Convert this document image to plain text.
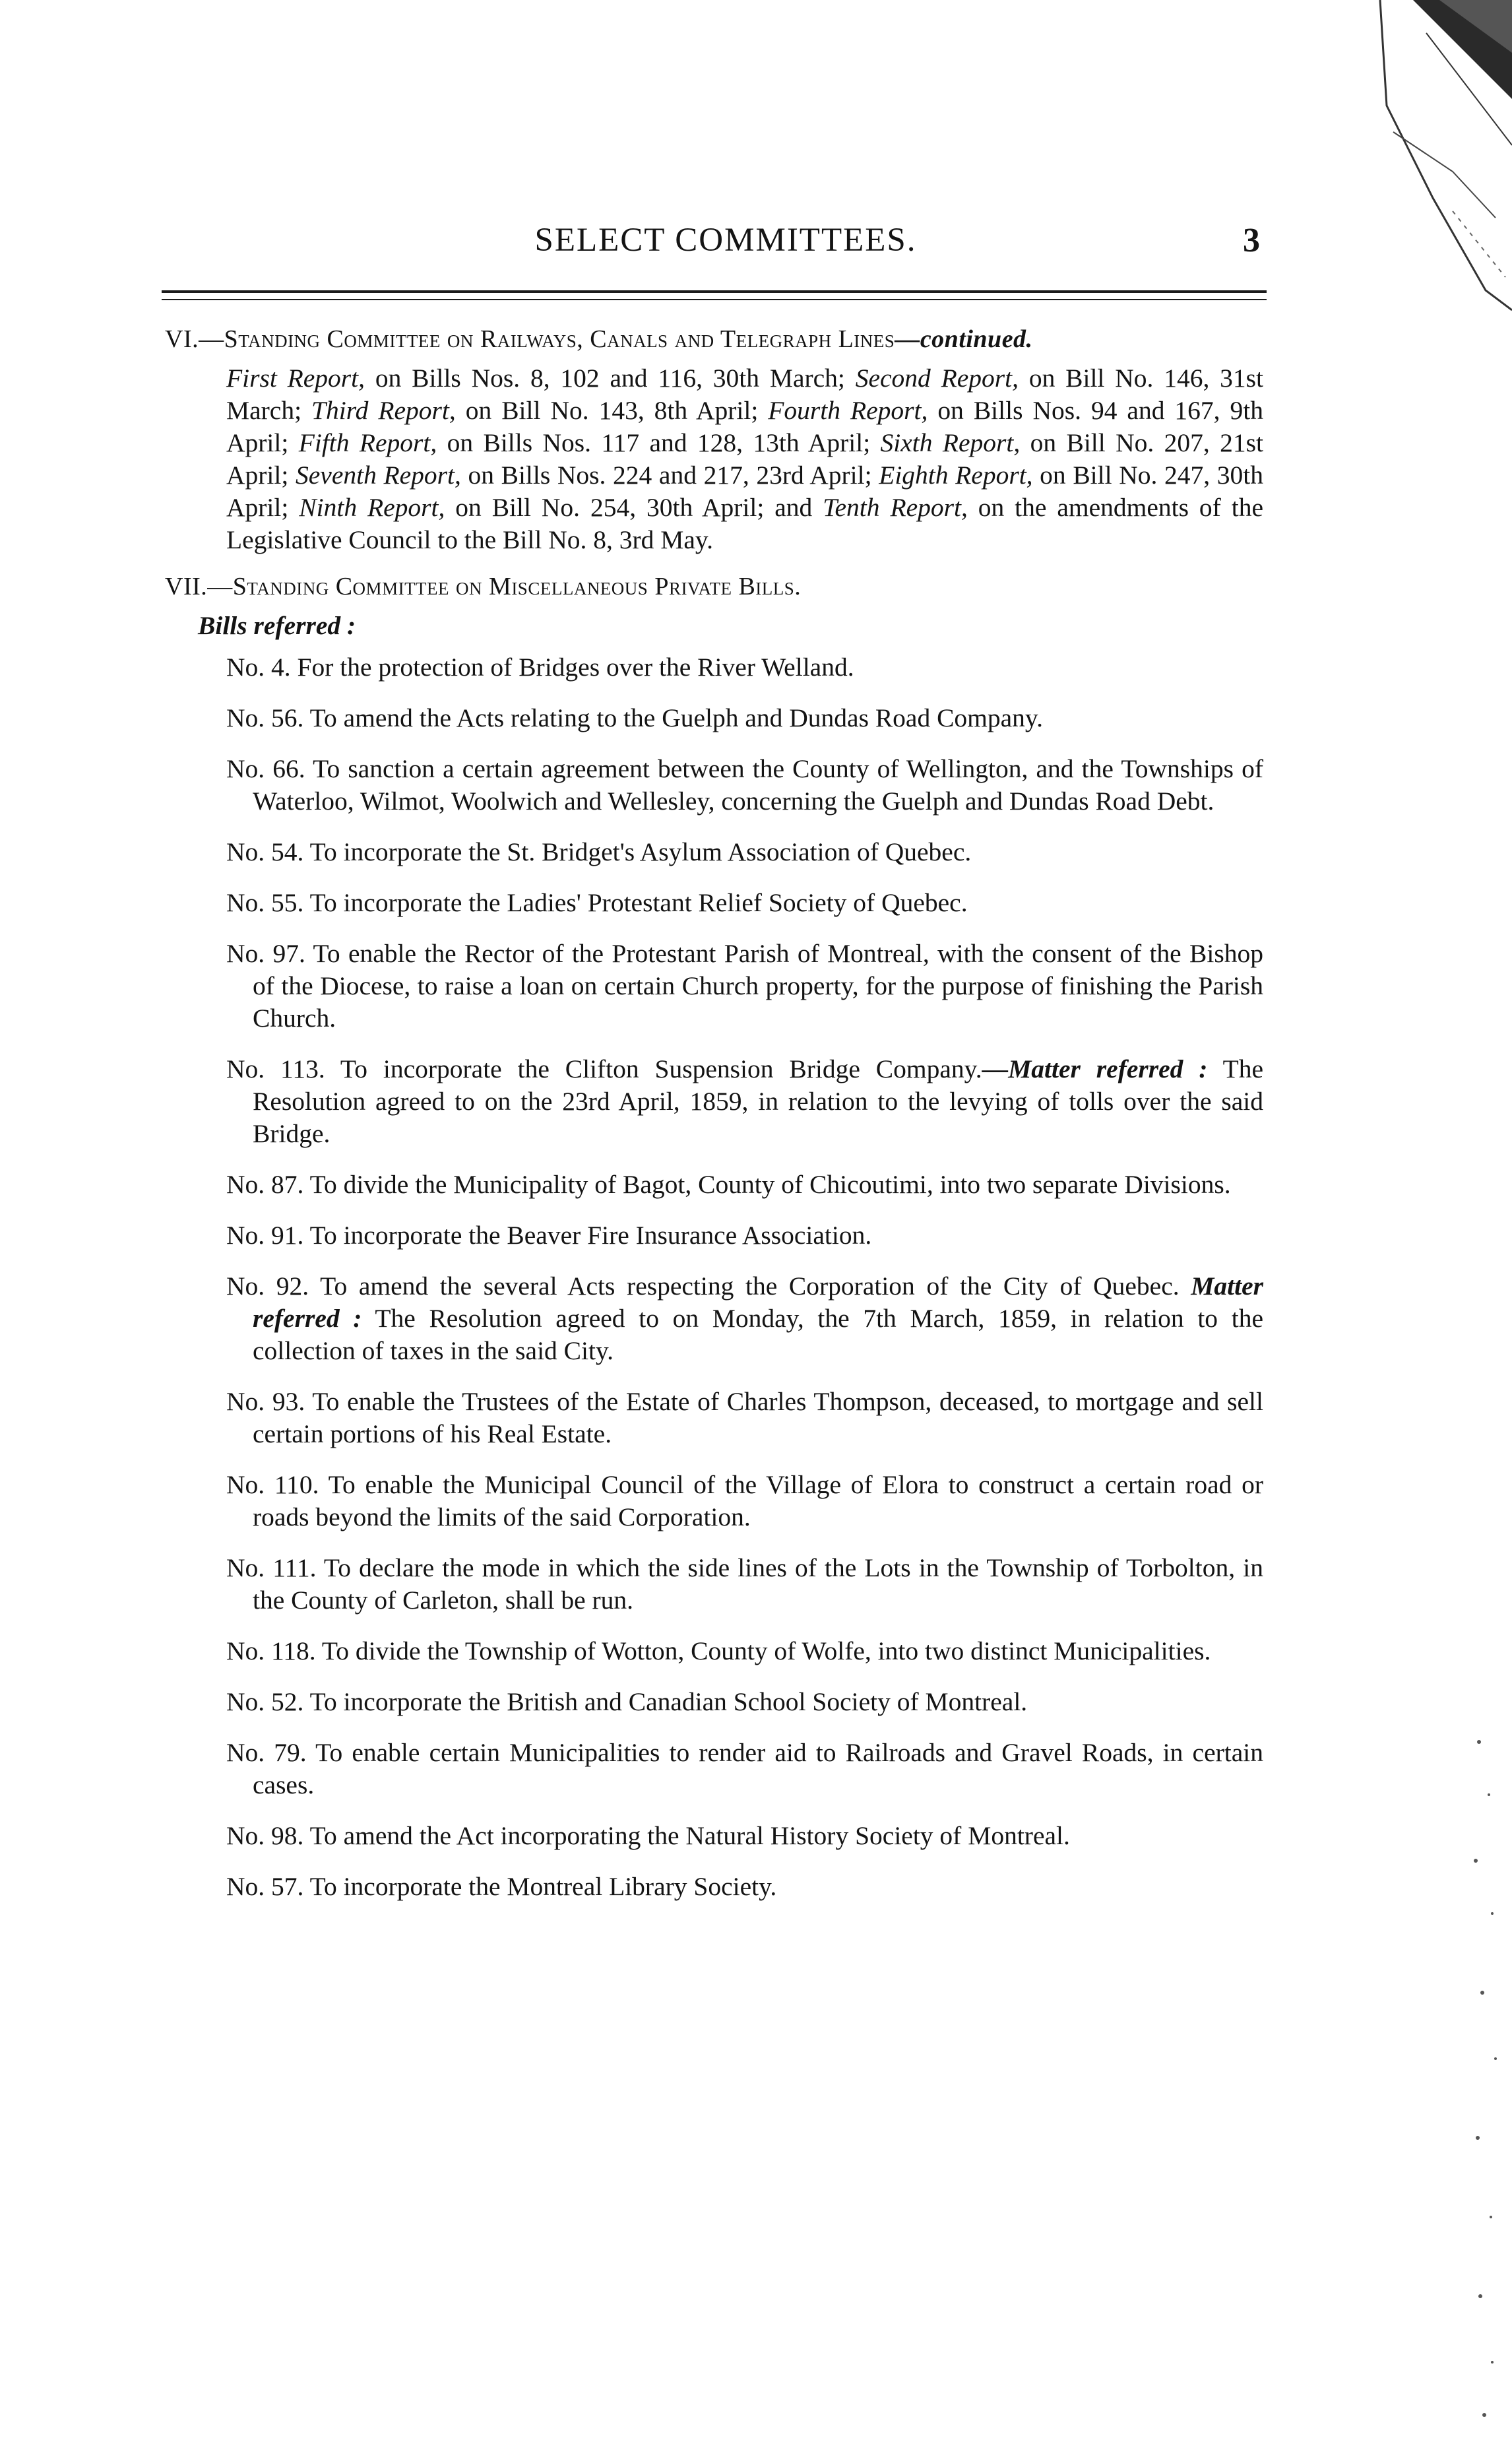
SELECT COMMITTEES.	3
VI.—Standing Committee on Railways, Canals and Telegraph Lines—continued.

First Report, on Bills Nos. 8, 102 and 116, 30th March; Second Report, on Bill No. 146, 31st March; Third Report, on Bill No. 143, 8th April; Fourth Report, on Bills Nos. 94 and 167, 9th April; Fifth Report, on Bills Nos. 117 and 128, 13th April; Sixth Report, on Bill No. 207, 21st April; Seventh Report, on Bills Nos. 224 and 217, 23rd April; Eighth Report, on Bill No. 247, 30th April; Ninth Report, on Bill No. 254, 30th April; and Tenth Report, on the amendments of the Legislative Council to the Bill No. 8, 3rd May.

VII.—Standing Committee on Miscellaneous Private Bills.
Bills referred :

No. 4. For the protection of Bridges over the River Welland.

No. 56. To amend the Acts relating to the Guelph and Dundas Road Company.

No. 66. To sanction a certain agreement between the County of Wellington, and the Townships of Waterloo, Wilmot, Woolwich and Wellesley, concerning the Guelph and Dundas Road Debt.

No. 54. To incorporate the St. Bridget's Asylum Association of Quebec.

No. 55. To incorporate the Ladies' Protestant Relief Society of Quebec.

No. 97. To enable the Rector of the Protestant Parish of Montreal, with the consent of the Bishop of the Diocese, to raise a loan on certain Church property, for the purpose of finishing the Parish Church.

No. 113. To incorporate the Clifton Suspension Bridge Company.—Matter referred : The Resolution agreed to on the 23rd April, 1859, in relation to the levying of tolls over the said Bridge.

No. 87. To divide the Municipality of Bagot, County of Chicoutimi, into two separate Divisions.

No. 91. To incorporate the Beaver Fire Insurance Association.

No. 92. To amend the several Acts respecting the Corporation of the City of Quebec. Matter referred : The Resolution agreed to on Monday, the 7th March, 1859, in relation to the collection of taxes in the said City.

No. 93. To enable the Trustees of the Estate of Charles Thompson, deceased, to mortgage and sell certain portions of his Real Estate.

No. 110. To enable the Municipal Council of the Village of Elora to construct a certain road or roads beyond the limits of the said Corporation.

No. 111. To declare the mode in which the side lines of the Lots in the Township of Torbolton, in the County of Carleton, shall be run.

No. 118. To divide the Township of Wotton, County of Wolfe, into two distinct Municipalities.

No. 52. To incorporate the British and Canadian School Society of Montreal.

No. 79. To enable certain Municipalities to render aid to Railroads and Gravel Roads, in certain cases.

No. 98. To amend the Act incorporating the Natural History Society of Montreal.

No. 57. To incorporate the Montreal Library Society.
